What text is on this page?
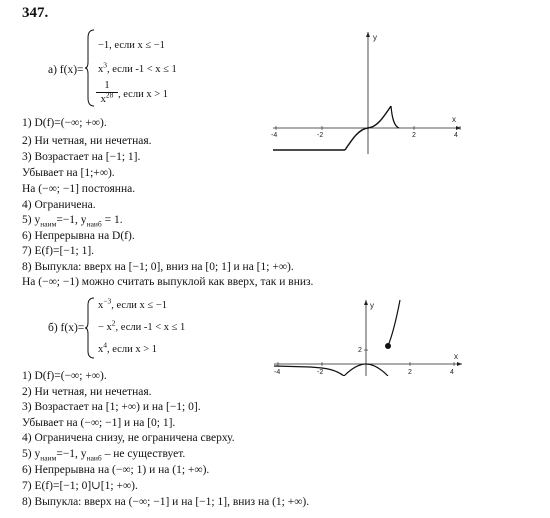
347.
а) f(x)=
−1, если x ≤ −1
$x^3$, если -1 < x ≤ 1
1
$x^{28}$ , если x > 1
1) D(f)=(−∞; +∞).
2) Ни четная, ни нечетная.
3) Возрастает на [−1; 1].
Убывает на [1;+∞).
На (−∞; −1] постоянна.
4) Ограничена.
5) $y_{наим}=-1$, $y_{наиб} = 1$.
6) Непрерывна на D(f).
7) E(f)=[−1; 1].
8) Выпукла: вверх на [−1; 0], вниз на [0; 1] и на [1; +∞).
На (−∞; −1) можно считать выпуклой как вверх, так и вниз.
y
x
-4	-2	2	4
б) f(x)=
$x^{-3}$, если x ≤ −1
− $x^2$, если -1 < x ≤ 1
$x^4$, если x > 1
1) D(f)=(−∞; +∞).
2) Ни четная, ни нечетная.
3) Возрастает на [1; +∞) и на [−1; 0].
Убывает на (−∞; −1] и на [0; 1].
4) Ограничена снизу, не ограничена сверху.
5) $y_{наим}=-1$, $y_{наиб}$ – не существует.
6) Непрерывна на (−∞; 1) и на (1; +∞).
7) E(f)=[−1; 0]∪[1; +∞).
8) Выпукла: вверх на (−∞; −1] и на [−1; 1], вниз на (1; +∞).
y
x
-4	-2	2	4
2
